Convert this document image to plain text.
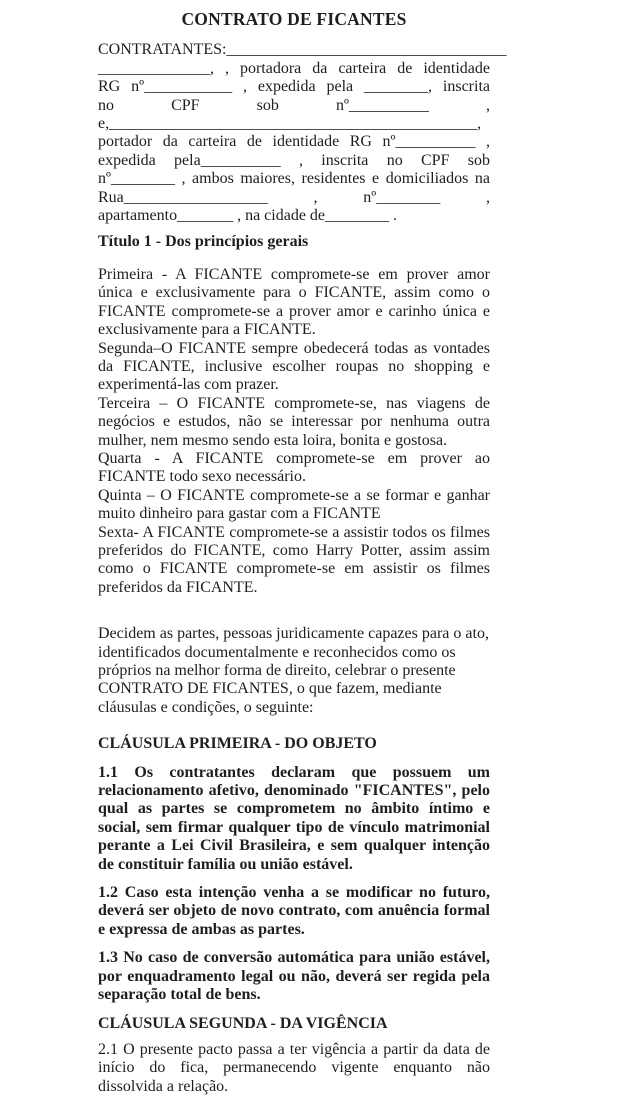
CONTRATO DE FICANTES
CONTRATANTES:___________________________________
______________, , portadora da carteira de identidade
RG nº___________ , expedida pela ________, inscrita
no CPF sob nº__________ ,
e,______________________________________________,
portador da carteira de identidade RG nº__________ ,
expedida pela__________ , inscrita no CPF sob
nº________ , ambos maiores, residentes e domiciliados na
Rua__________________ , nº________ ,
apartamento_______ , na cidade de________ .
Título 1 - Dos princípios gerais

Primeira - A FICANTE compromete-se em prover amor única e exclusivamente para o FICANTE, assim como o FICANTE compromete-se a prover amor e carinho única e exclusivamente para a FICANTE.

Segunda–O FICANTE sempre obedecerá todas as vontades da FICANTE, inclusive escolher roupas no shopping e experimentá-las com prazer.

Terceira – O FICANTE compromete-se, nas viagens de negócios e estudos, não se interessar por nenhuma outra mulher, nem mesmo sendo esta loira, bonita e gostosa.

Quarta - A FICANTE compromete-se em prover ao FICANTE todo sexo necessário.

Quinta – O FICANTE compromete-se a se formar e ganhar muito dinheiro para gastar com a FICANTE

Sexta- A FICANTE compromete-se a assistir todos os filmes preferidos do FICANTE, como Harry Potter, assim assim como o FICANTE compromete-se em assistir os filmes preferidos da FICANTE.

Decidem as partes, pessoas juridicamente capazes para o ato, identificados documentalmente e reconhecidos como os próprios na melhor forma de direito, celebrar o presente CONTRATO DE FICANTES, o que fazem, mediante cláusulas e condições, o seguinte:

CLÁUSULA PRIMEIRA - DO OBJETO

1.1 Os contratantes declaram que possuem um relacionamento afetivo, denominado "FICANTES", pelo qual as partes se comprometem no âmbito íntimo e social, sem firmar qualquer tipo de vínculo matrimonial perante a Lei Civil Brasileira, e sem qualquer intenção de constituir família ou união estável.

1.2 Caso esta intenção venha a se modificar no futuro, deverá ser objeto de novo contrato, com anuência formal e expressa de ambas as partes.

1.3 No caso de conversão automática para união estável, por enquadramento legal ou não, deverá ser regida pela separação total de bens.

CLÁUSULA SEGUNDA - DA VIGÊNCIA

2.1 O presente pacto passa a ter vigência a partir da data de início do fica, permanecendo vigente enquanto não dissolvida a relação.
